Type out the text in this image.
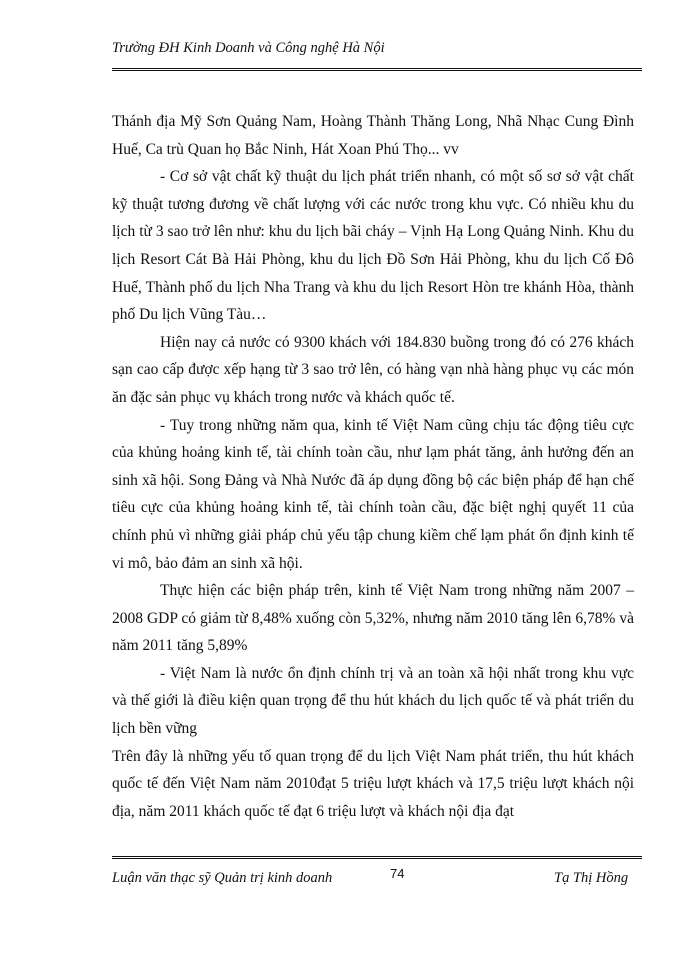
Trường ĐH Kinh Doanh và Công nghệ Hà Nội

Thánh địa Mỹ Sơn Quảng Nam, Hoàng Thành Thăng Long, Nhã Nhạc Cung Đình Huế, Ca trù Quan họ Bắc Ninh, Hát Xoan Phú Thọ... vv

- Cơ sở vật chất kỹ thuật du lịch phát triển nhanh, có một số sơ sở vật chất kỹ thuật tương đương về chất lượng với các nước trong khu vực. Có nhiều khu du lịch từ 3 sao trở lên như: khu du lịch bãi cháy – Vịnh Hạ Long Quảng Ninh. Khu du lịch Resort Cát Bà Hải Phòng, khu du lịch Đồ Sơn Hải Phòng, khu du lịch Cố Đô Huế, Thành phố du lịch Nha Trang và khu du lịch Resort Hòn tre khánh Hòa, thành phố Du lịch Vũng Tàu…

Hiện nay cả nước có 9300 khách với 184.830 buồng trong đó có 276 khách sạn cao cấp được xếp hạng từ 3 sao trở lên, có hàng vạn nhà hàng phục vụ các món ăn đặc sản phục vụ khách trong nước và khách quốc tế.

- Tuy trong những năm qua, kinh tế Việt Nam cũng chịu tác động tiêu cực của khủng hoảng kinh tế, tài chính toàn cầu, như lạm phát tăng, ảnh hưởng đến an sinh xã hội. Song Đảng và Nhà Nước đã áp dụng đồng bộ các biện pháp để hạn chế tiêu cực của khủng hoảng kinh tế, tài chính toàn cầu, đặc biệt nghị quyết 11 của chính phủ vì những giải pháp chủ yếu tập chung kiềm chế lạm phát ổn định kinh tế vi mô, bảo đảm an sinh xã hội.

Thực hiện các biện pháp trên, kinh tế Việt Nam trong những năm 2007 – 2008 GDP có giảm từ 8,48% xuống còn 5,32%, nhưng năm 2010 tăng lên 6,78% và năm 2011 tăng 5,89%

- Việt Nam là nước ổn định chính trị và an toàn xã hội nhất trong khu vực và thế giới là điều kiện quan trọng để thu hút khách du lịch quốc tế và phát triển du lịch bền vững

Trên đây là những yếu tố quan trọng để du lịch Việt Nam phát triển, thu hút khách quốc tế đến Việt Nam năm 2010đạt 5 triệu lượt khách và 17,5 triệu lượt khách nội địa, năm 2011 khách quốc tế đạt 6 triệu lượt và khách nội địa đạt

Luận văn thạc sỹ Quản trị kinh doanh	74	Tạ Thị Hồng
